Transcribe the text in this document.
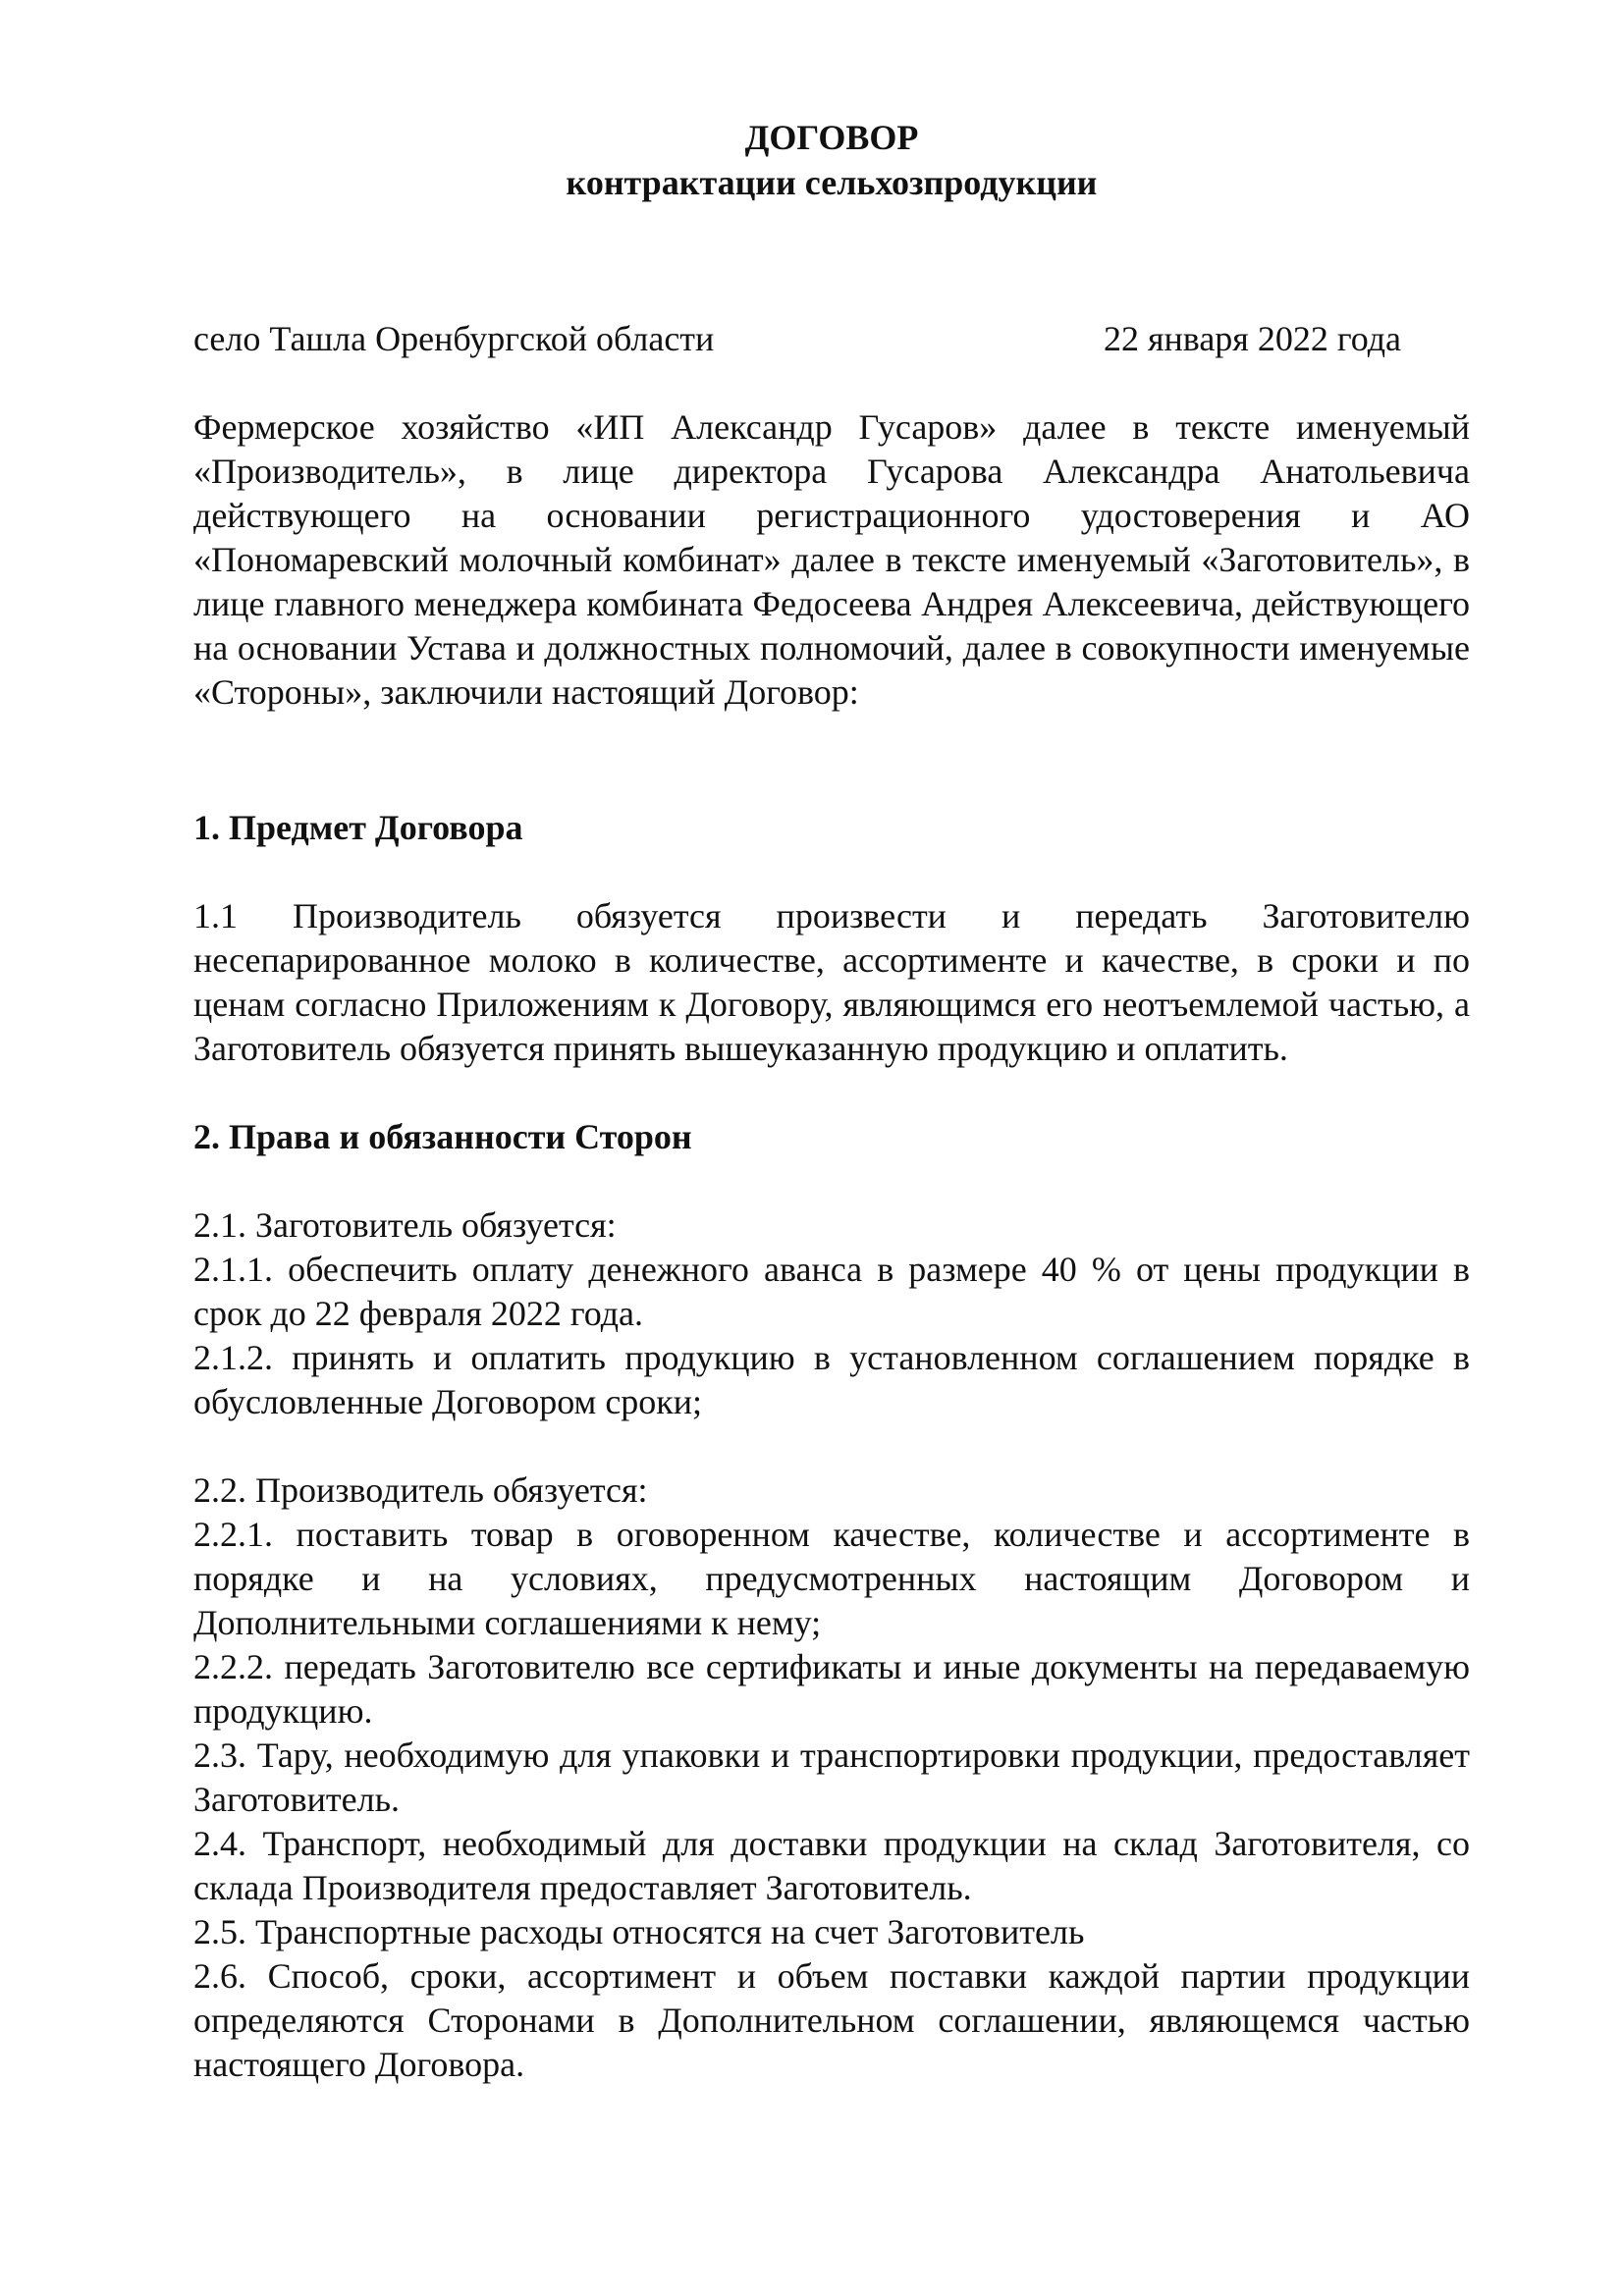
ДОГОВОР
контрактации сельхозпродукции
село Ташла Оренбургской области	22 января 2022 года

Фермерское хозяйство «ИП Александр Гусаров» далее в тексте именуемый «Производитель», в лице директора Гусарова Александра Анатольевича действующего на основании регистрационного удостоверения и АО «Пономаревский молочный комбинат» далее в тексте именуемый «Заготовитель», в лице главного менеджера комбината Федосеева Андрея Алексеевича, действующего на основании Устава и должностных полномочий, далее в совокупности именуемые «Стороны», заключили настоящий Договор:

1. Предмет Договора

1.1 Производитель обязуется произвести и передать Заготовителю несепарированное молоко в количестве, ассортименте и качестве, в сроки и по ценам согласно Приложениям к Договору, являющимся его неотъемлемой частью, а Заготовитель обязуется принять вышеуказанную продукцию и оплатить.

2. Права и обязанности Сторон

2.1. Заготовитель обязуется:

2.1.1. обеспечить оплату денежного аванса в размере 40 % от цены продукции в срок до 22 февраля 2022 года.

2.1.2. принять и оплатить продукцию в установленном соглашением порядке в обусловленные Договором сроки;

2.2. Производитель обязуется:

2.2.1. поставить товар в оговоренном качестве, количестве и ассортименте в порядке и на условиях, предусмотренных настоящим Договором и Дополнительными соглашениями к нему;

2.2.2. передать Заготовителю все сертификаты и иные документы на передаваемую продукцию.

2.3. Тару, необходимую для упаковки и транспортировки продукции, предоставляет Заготовитель.

2.4. Транспорт, необходимый для доставки продукции на склад Заготовителя, со склада Производителя предоставляет Заготовитель.

2.5. Транспортные расходы относятся на счет Заготовитель

2.6. Способ, сроки, ассортимент и объем поставки каждой партии продукции определяются Сторонами в Дополнительном соглашении, являющемся частью настоящего Договора.
